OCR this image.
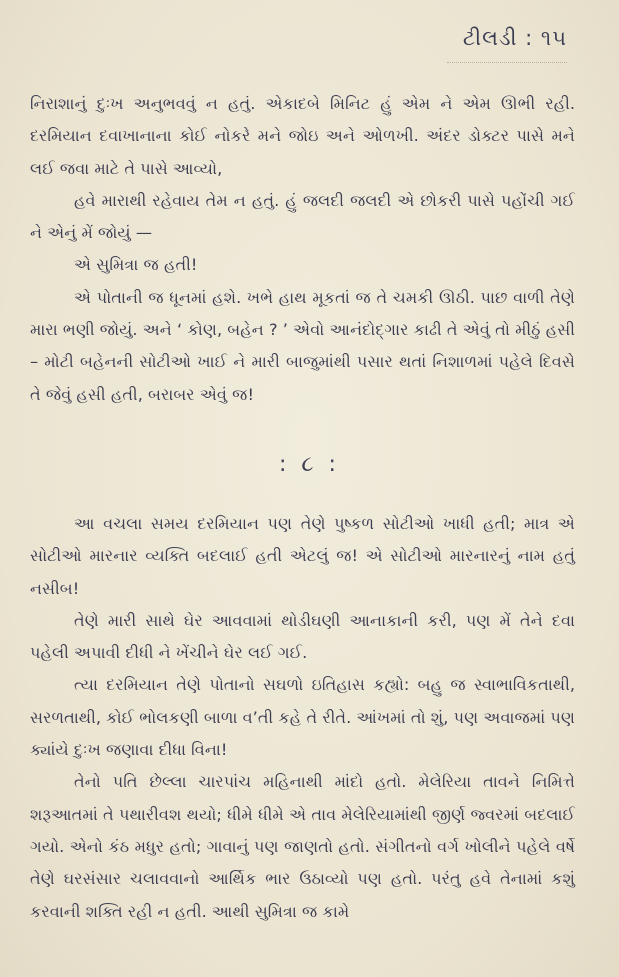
ટીલડી : ૧૫

નિરાશાનું દુઃખ અનુભવવું ન હતું. એકાદબે મિનિટ હું એમ ને એમ ઊભી રહી. દરમિયાન દવાખાનાના કોઈ નોકરે મને જોઇ અને ઓળખી. અંદર ડોક્ટર પાસે મને લઈ જવા માટે તે પાસે આવ્યો,

હવે મારાથી રહેવાય તેમ ન હતું. હું જલદી જલદી એ છોકરી પાસે પહોંચી ગઈ ને એનું મેં જોયું —

એ સુમિત્રા જ હતી!

એ પોતાની જ ધૂનમાં હશે. ખભે હાથ મૂકતાં જ તે ચમકી ઊઠી. પાછ વાળી તેણે મારા ભણી જોયું. અને ‘ કોણ, બહેન ? ’ એવો આનંદોદ્ગાર કાઢી તે એવું તો મીઠું હસી – મોટી બહેનની સોટીઓ ખાઈ ને મારી બાજુમાંથી પસાર થતાં નિશાળમાં પહેલે દિવસે તે જેવું હસી હતી, બરાબર એવું જ!

: ૮ :

આ વચલા સમય દરમિયાન પણ તેણે પુષ્કળ સોટીઓ ખાધી હતી; માત્ર એ સોટીઓ મારનાર વ્યક્તિ બદલાઈ હતી એટલું જ! એ સોટીઓ મારનારનું નામ હતું નસીબ!

તેણે મારી સાથે ઘેર આવવામાં થોડીઘણી આનાકાની કરી, પણ મેં તેને દવા પહેલી અપાવી દીધી ને ખેંચીને ઘેર લઈ ગઈ.

ત્યા દરમિયાન તેણે પોતાનો સઘળો ઇતિહાસ કહ્યો: બહુ જ સ્વાભાવિકતાથી, સરળતાથી, કોઈ ભોલકણી બાળા વ’તી કહે તે રીતે. આંખમાં તો શું, પણ અવાજમાં પણ ક્યાંયે દુઃખ જણાવા દીધા વિના!

તેનો પતિ છેલ્લા ચારપાંચ મહિનાથી માંદો હતો. મેલેરિયા તાવને નિમિત્તે શરૂઆતમાં તે પથારીવશ થયો; ધીમે ધીમે એ તાવ મેલેરિયામાંથી જીર્ણ જ્વરમાં બદલાઈ ગયો. એનો કંઠ મધુર હતો; ગાવાનું પણ જાણતો હતો. સંગીતનો વર્ગ ખોલીને પહેલે વર્ષે તેણે ઘરસંસાર ચલાવવાનો આર્થિક ભાર ઉઠાવ્યો પણ હતો. પરંતુ હવે તેનામાં કશું કરવાની શક્તિ રહી ન હતી. આથી સુમિત્રા જ કામે
